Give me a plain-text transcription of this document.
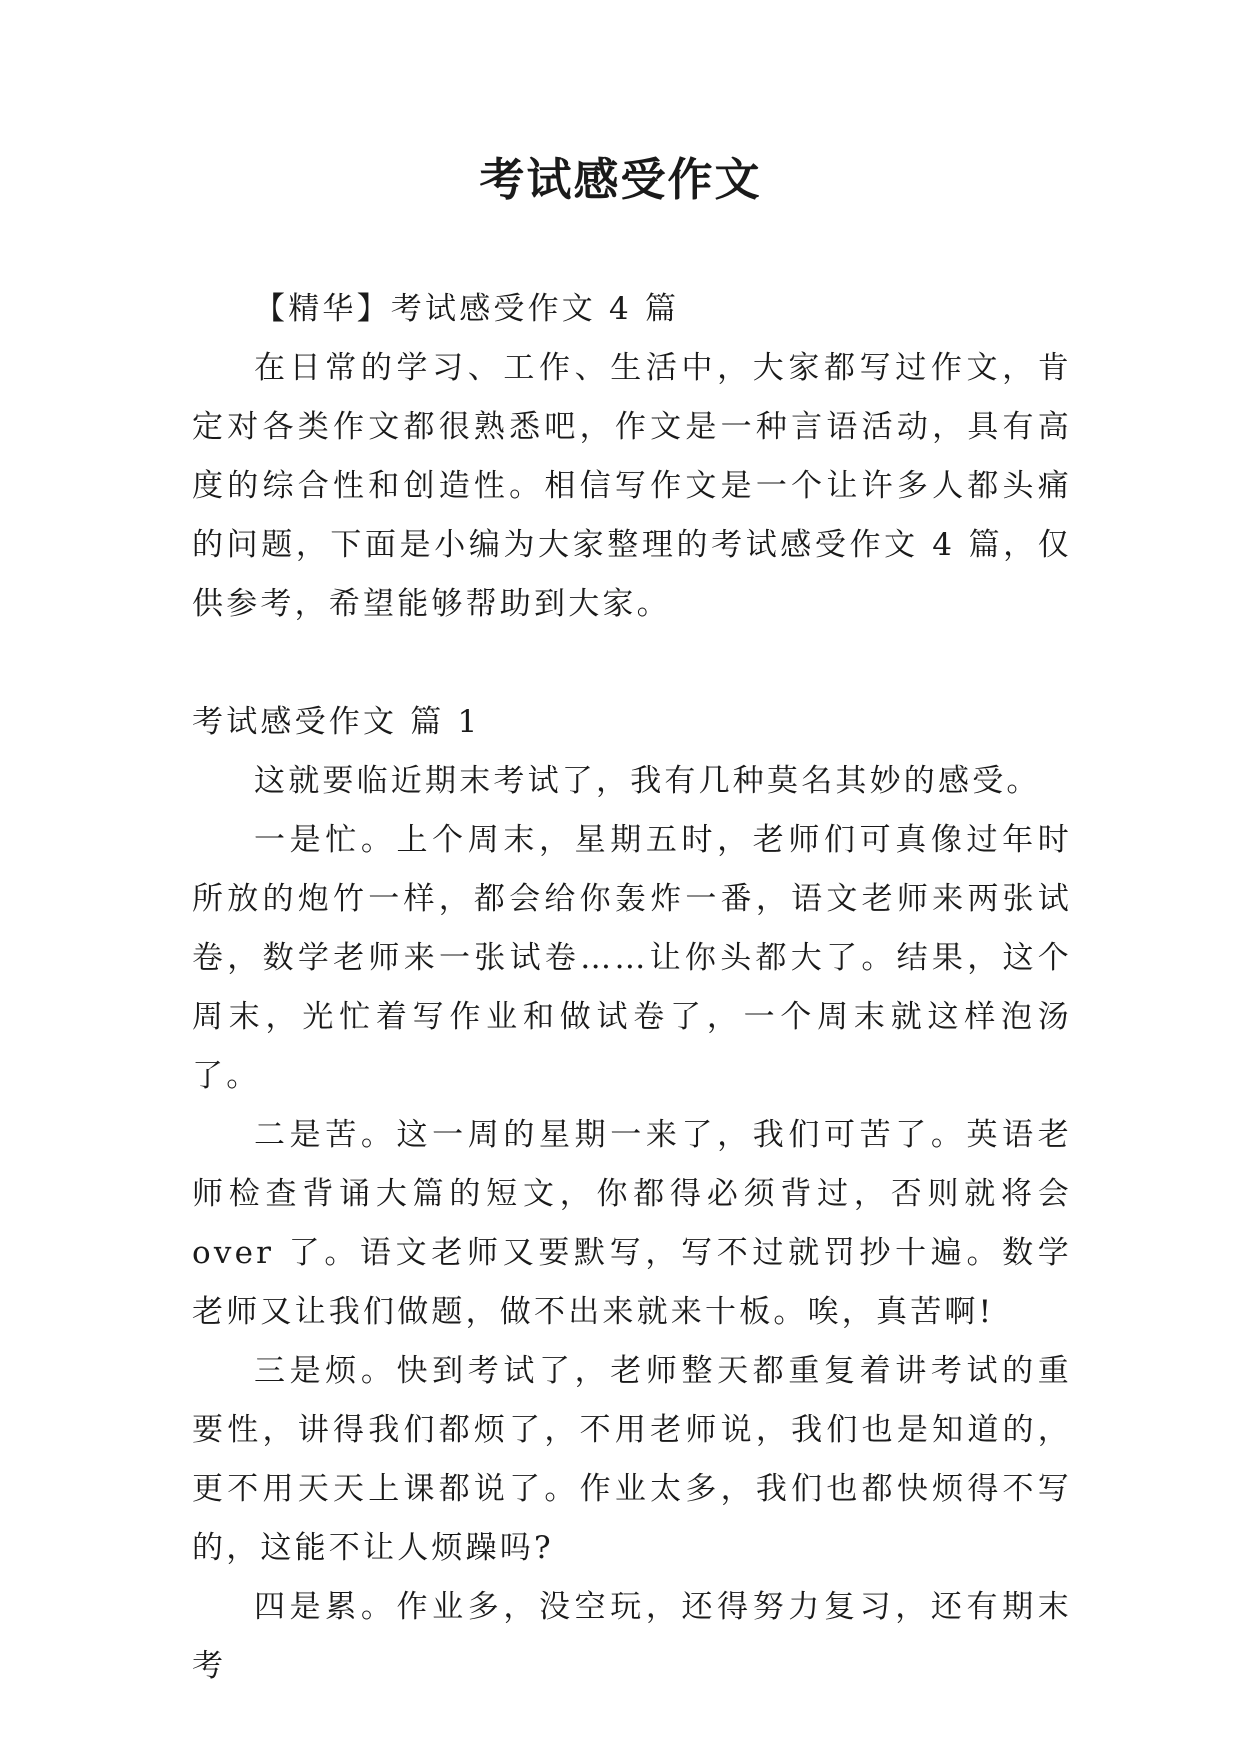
考试感受作文

【精华】考试感受作文 4 篇

在日常的学习、工作、生活中，大家都写过作文，肯定对各类作文都很熟悉吧，作文是一种言语活动，具有高度的综合性和创造性。相信写作文是一个让许多人都头痛的问题，下面是小编为大家整理的考试感受作文 4 篇，仅供参考，希望能够帮助到大家。

考试感受作文 篇 1

这就要临近期末考试了，我有几种莫名其妙的感受。

一是忙。上个周末，星期五时，老师们可真像过年时所放的炮竹一样，都会给你轰炸一番，语文老师来两张试卷，数学老师来一张试卷……让你头都大了。结果，这个周末，光忙着写作业和做试卷了，一个周末就这样泡汤了。

二是苦。这一周的星期一来了，我们可苦了。英语老师检查背诵大篇的短文，你都得必须背过，否则就将会 over 了。语文老师又要默写，写不过就罚抄十遍。数学老师又让我们做题，做不出来就来十板。唉，真苦啊!

三是烦。快到考试了，老师整天都重复着讲考试的重要性，讲得我们都烦了，不用老师说，我们也是知道的，更不用天天上课都说了。作业太多，我们也都快烦得不写的，这能不让人烦躁吗?

四是累。作业多，没空玩，还得努力复习，还有期末考
